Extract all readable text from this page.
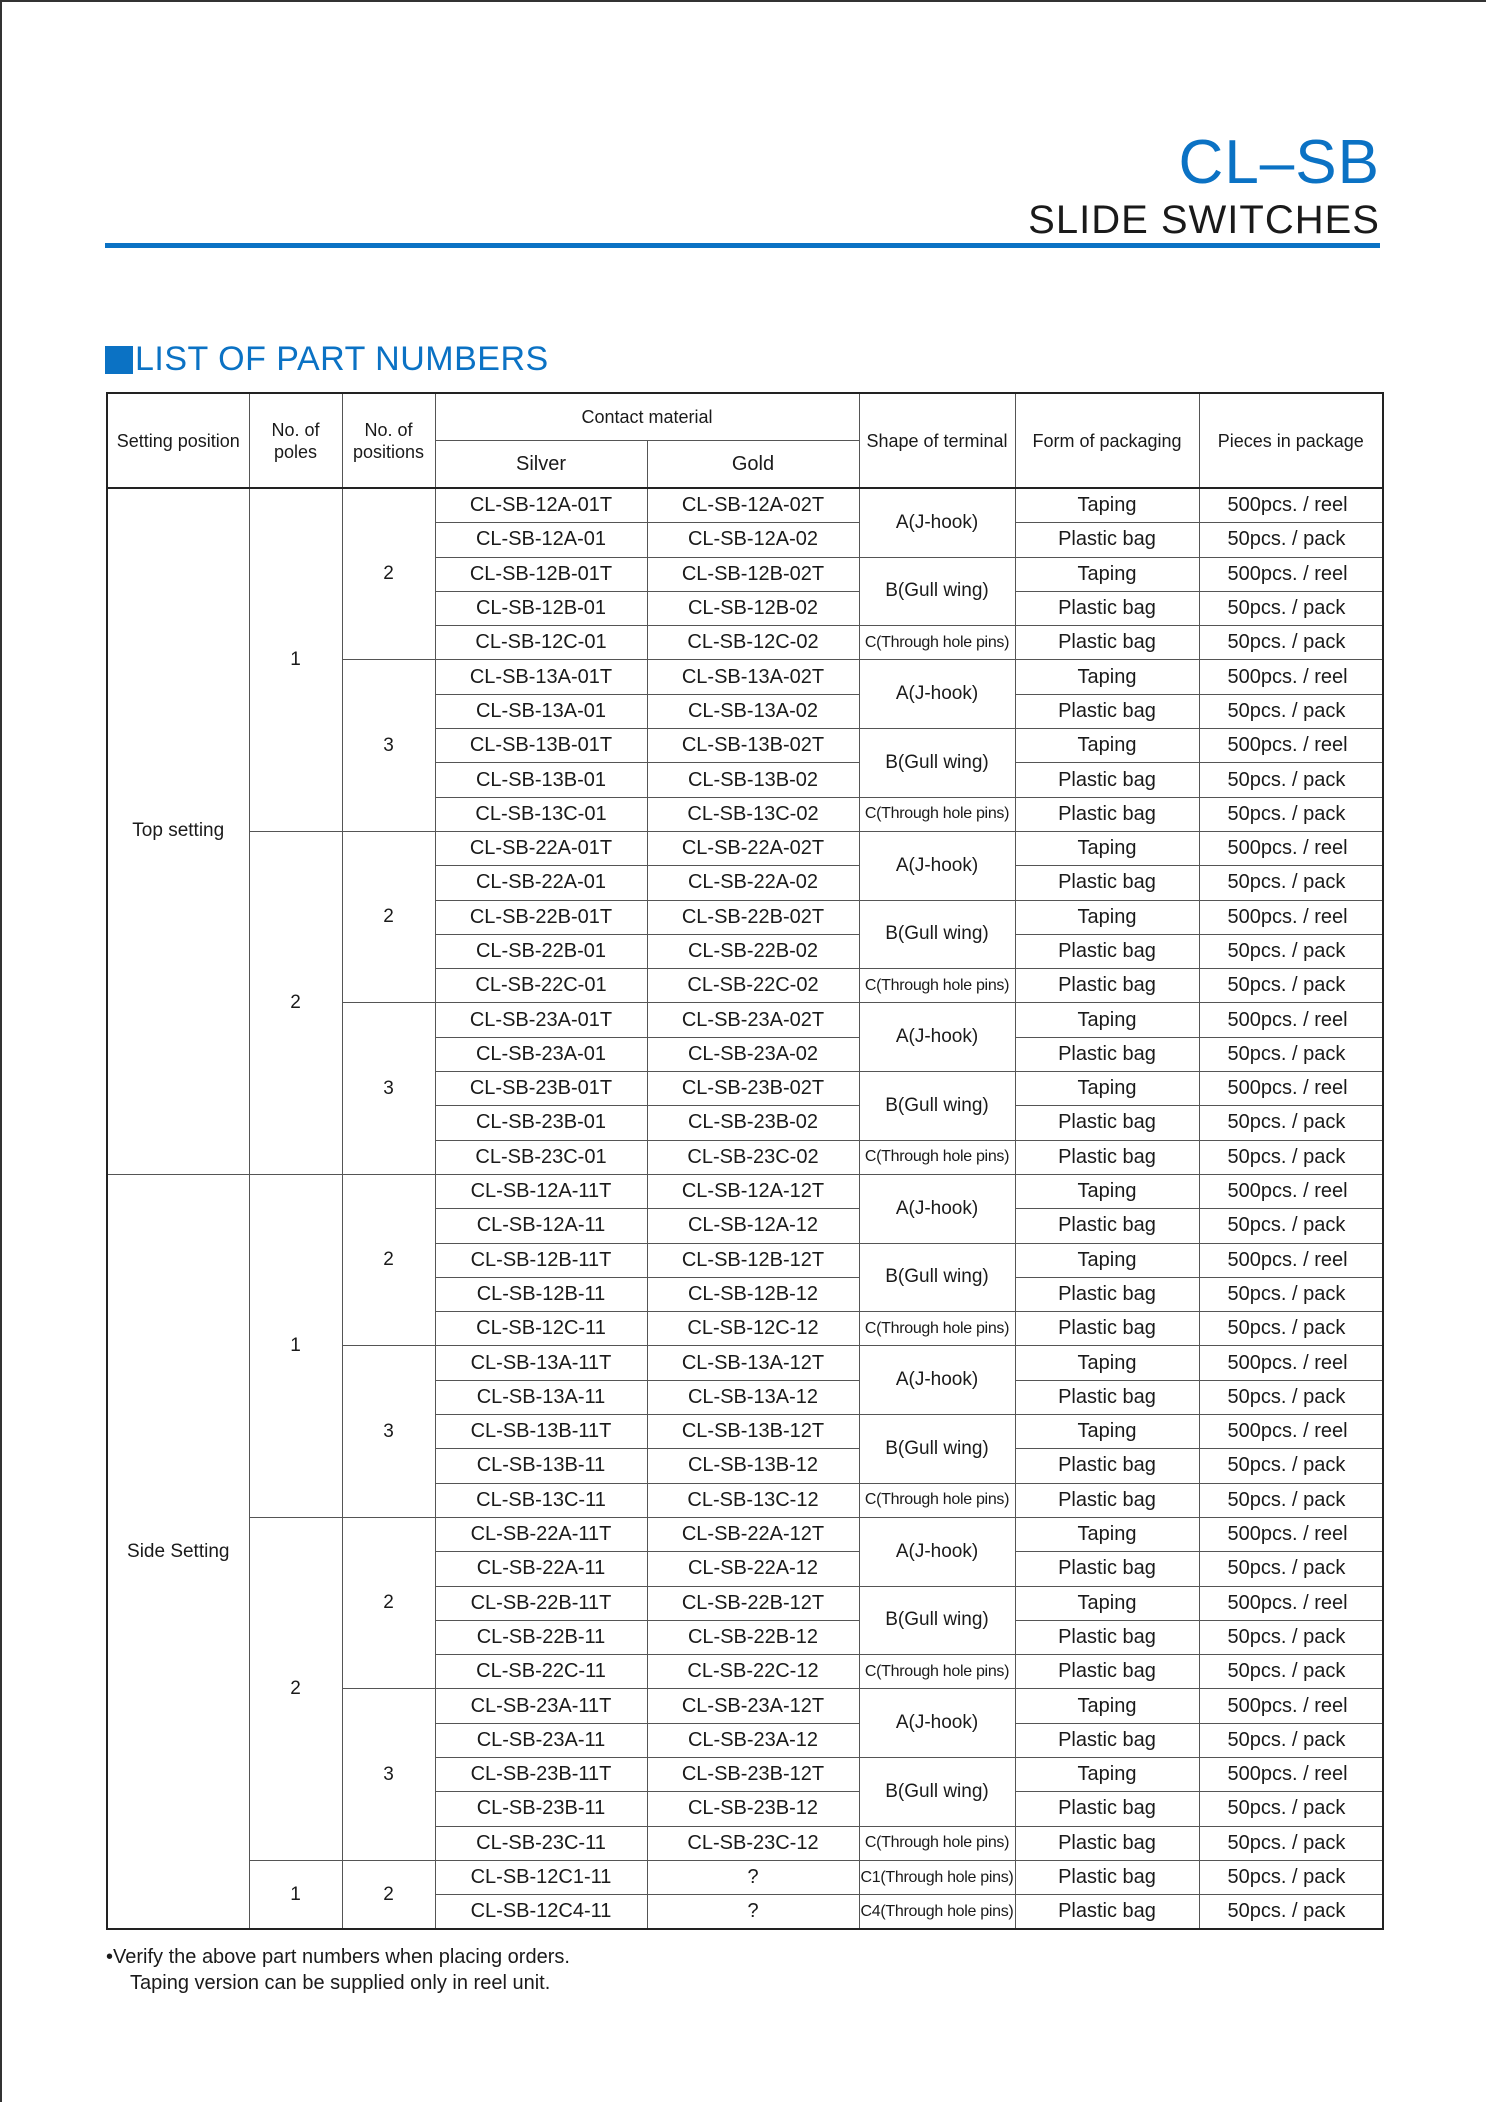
CL–SB
SLIDE SWITCHES
LIST OF PART NUMBERS
Setting position	No. of poles	No. of positions	Contact material		Shape of terminal	Form of packaging	Pieces in package
			Silver	Gold			
Top setting	1	2	CL-SB-12A-01T	CL-SB-12A-02T	A(J-hook)	Taping	500pcs. / reel
			CL-SB-12A-01	CL-SB-12A-02		Plastic bag	50pcs. / pack
			CL-SB-12B-01T	CL-SB-12B-02T	B(Gull wing)	Taping	500pcs. / reel
			CL-SB-12B-01	CL-SB-12B-02		Plastic bag	50pcs. / pack
			CL-SB-12C-01	CL-SB-12C-02	C(Through hole pins)	Plastic bag	50pcs. / pack
		3	CL-SB-13A-01T	CL-SB-13A-02T	A(J-hook)	Taping	500pcs. / reel
			CL-SB-13A-01	CL-SB-13A-02		Plastic bag	50pcs. / pack
			CL-SB-13B-01T	CL-SB-13B-02T	B(Gull wing)	Taping	500pcs. / reel
			CL-SB-13B-01	CL-SB-13B-02		Plastic bag	50pcs. / pack
			CL-SB-13C-01	CL-SB-13C-02	C(Through hole pins)	Plastic bag	50pcs. / pack
	2	2	CL-SB-22A-01T	CL-SB-22A-02T	A(J-hook)	Taping	500pcs. / reel
			CL-SB-22A-01	CL-SB-22A-02		Plastic bag	50pcs. / pack
			CL-SB-22B-01T	CL-SB-22B-02T	B(Gull wing)	Taping	500pcs. / reel
			CL-SB-22B-01	CL-SB-22B-02		Plastic bag	50pcs. / pack
			CL-SB-22C-01	CL-SB-22C-02	C(Through hole pins)	Plastic bag	50pcs. / pack
		3	CL-SB-23A-01T	CL-SB-23A-02T	A(J-hook)	Taping	500pcs. / reel
			CL-SB-23A-01	CL-SB-23A-02		Plastic bag	50pcs. / pack
			CL-SB-23B-01T	CL-SB-23B-02T	B(Gull wing)	Taping	500pcs. / reel
			CL-SB-23B-01	CL-SB-23B-02		Plastic bag	50pcs. / pack
			CL-SB-23C-01	CL-SB-23C-02	C(Through hole pins)	Plastic bag	50pcs. / pack
Side Setting	1	2	CL-SB-12A-11T	CL-SB-12A-12T	A(J-hook)	Taping	500pcs. / reel
			CL-SB-12A-11	CL-SB-12A-12		Plastic bag	50pcs. / pack
			CL-SB-12B-11T	CL-SB-12B-12T	B(Gull wing)	Taping	500pcs. / reel
			CL-SB-12B-11	CL-SB-12B-12		Plastic bag	50pcs. / pack
			CL-SB-12C-11	CL-SB-12C-12	C(Through hole pins)	Plastic bag	50pcs. / pack
		3	CL-SB-13A-11T	CL-SB-13A-12T	A(J-hook)	Taping	500pcs. / reel
			CL-SB-13A-11	CL-SB-13A-12		Plastic bag	50pcs. / pack
			CL-SB-13B-11T	CL-SB-13B-12T	B(Gull wing)	Taping	500pcs. / reel
			CL-SB-13B-11	CL-SB-13B-12		Plastic bag	50pcs. / pack
			CL-SB-13C-11	CL-SB-13C-12	C(Through hole pins)	Plastic bag	50pcs. / pack
	2	2	CL-SB-22A-11T	CL-SB-22A-12T	A(J-hook)	Taping	500pcs. / reel
			CL-SB-22A-11	CL-SB-22A-12		Plastic bag	50pcs. / pack
			CL-SB-22B-11T	CL-SB-22B-12T	B(Gull wing)	Taping	500pcs. / reel
			CL-SB-22B-11	CL-SB-22B-12		Plastic bag	50pcs. / pack
			CL-SB-22C-11	CL-SB-22C-12	C(Through hole pins)	Plastic bag	50pcs. / pack
		3	CL-SB-23A-11T	CL-SB-23A-12T	A(J-hook)	Taping	500pcs. / reel
			CL-SB-23A-11	CL-SB-23A-12		Plastic bag	50pcs. / pack
			CL-SB-23B-11T	CL-SB-23B-12T	B(Gull wing)	Taping	500pcs. / reel
			CL-SB-23B-11	CL-SB-23B-12		Plastic bag	50pcs. / pack
			CL-SB-23C-11	CL-SB-23C-12	C(Through hole pins)	Plastic bag	50pcs. / pack
	1	2	CL-SB-12C1-11	?	C1(Through hole pins)	Plastic bag	50pcs. / pack
			CL-SB-12C4-11	?	C4(Through hole pins)	Plastic bag	50pcs. / pack
•Verify the above part numbers when placing orders.
Taping version can be supplied only in reel unit.
